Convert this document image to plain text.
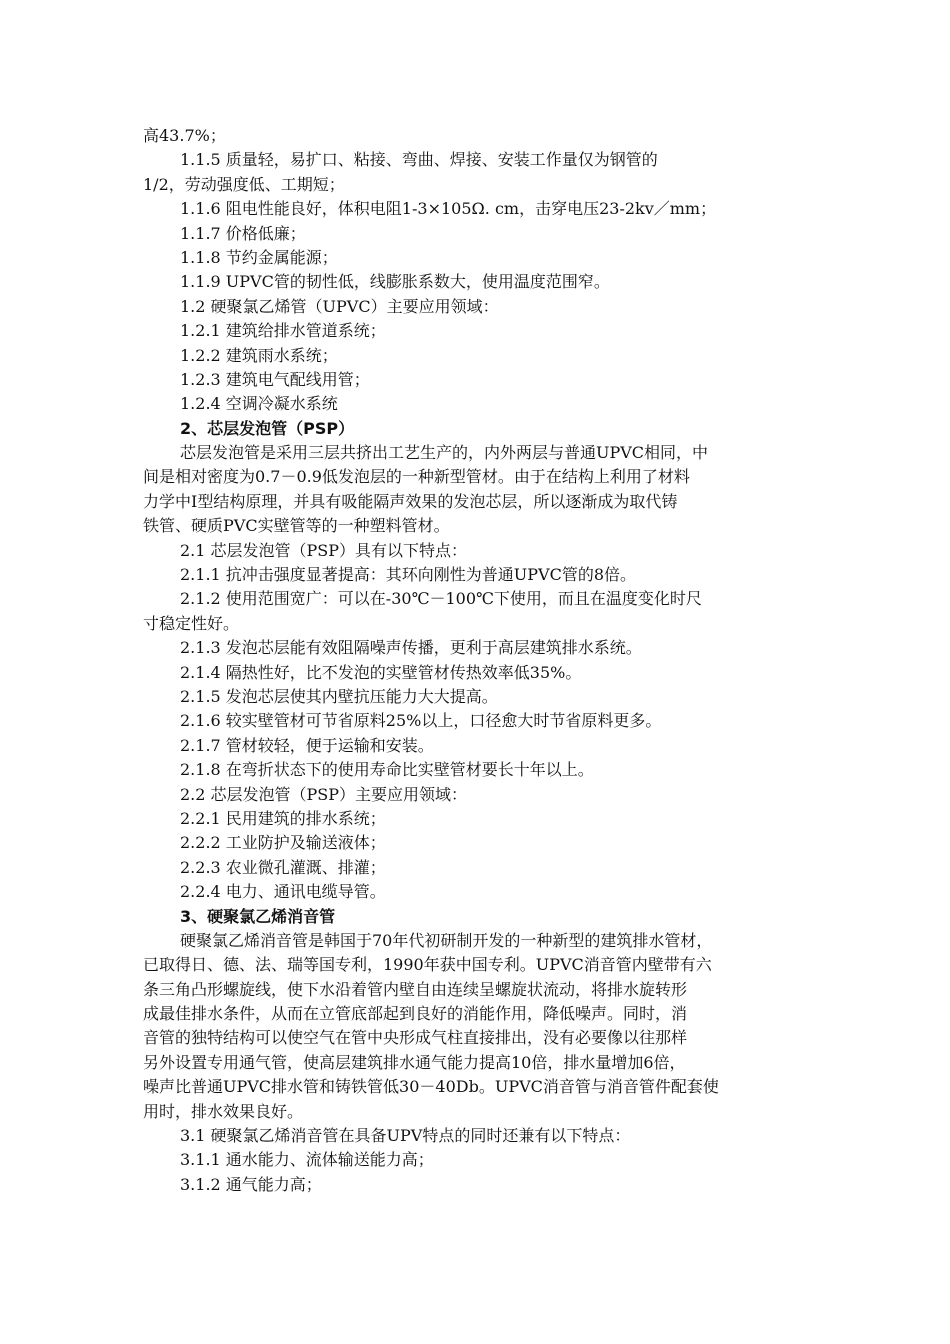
高43.7%；
1.1.5 质量轻，易扩口、粘接、弯曲、焊接、安装工作量仅为钢管的
1/2，劳动强度低、工期短；
1.1.6 阻电性能良好，体积电阻1-3×105Ω. cm，击穿电压23-2kv／mm；
1.1.7 价格低廉；
1.1.8 节约金属能源；
1.1.9 UPVC管的韧性低，线膨胀系数大，使用温度范围窄。
1.2 硬聚氯乙烯管（UPVC）主要应用领域：
1.2.1 建筑给排水管道系统；
1.2.2 建筑雨水系统；
1.2.3 建筑电气配线用管；
1.2.4 空调冷凝水系统
2、芯层发泡管（PSP）
芯层发泡管是采用三层共挤出工艺生产的，内外两层与普通UPVC相同，中
间是相对密度为0.7－0.9低发泡层的一种新型管材。由于在结构上利用了材料
力学中I型结构原理，并具有吸能隔声效果的发泡芯层，所以逐渐成为取代铸
铁管、硬质PVC实壁管等的一种塑料管材。
2.1 芯层发泡管（PSP）具有以下特点：
2.1.1 抗冲击强度显著提高：其环向刚性为普通UPVC管的8倍。
2.1.2 使用范围宽广：可以在-30℃－100℃下使用，而且在温度变化时尺
寸稳定性好。
2.1.3 发泡芯层能有效阻隔噪声传播，更利于高层建筑排水系统。
2.1.4 隔热性好，比不发泡的实壁管材传热效率低35%。
2.1.5 发泡芯层使其内壁抗压能力大大提高。
2.1.6 较实壁管材可节省原料25%以上，口径愈大时节省原料更多。
2.1.7 管材较轻，便于运输和安装。
2.1.8 在弯折状态下的使用寿命比实壁管材要长十年以上。
2.2 芯层发泡管（PSP）主要应用领域：
2.2.1 民用建筑的排水系统；
2.2.2 工业防护及输送液体；
2.2.3 农业微孔灌溉、排灌；
2.2.4 电力、通讯电缆导管。
3、硬聚氯乙烯消音管
硬聚氯乙烯消音管是韩国于70年代初研制开发的一种新型的建筑排水管材，
已取得日、德、法、瑞等国专利，1990年获中国专利。UPVC消音管内壁带有六
条三角凸形螺旋线，使下水沿着管内壁自由连续呈螺旋状流动，将排水旋转形
成最佳排水条件，从而在立管底部起到良好的消能作用，降低噪声。同时，消
音管的独特结构可以使空气在管中央形成气柱直接排出，没有必要像以往那样
另外设置专用通气管，使高层建筑排水通气能力提高10倍，排水量增加6倍，
噪声比普通UPVC排水管和铸铁管低30－40Db。UPVC消音管与消音管件配套使
用时，排水效果良好。
3.1 硬聚氯乙烯消音管在具备UPV特点的同时还兼有以下特点：
3.1.1 通水能力、流体输送能力高；
3.1.2 通气能力高；
